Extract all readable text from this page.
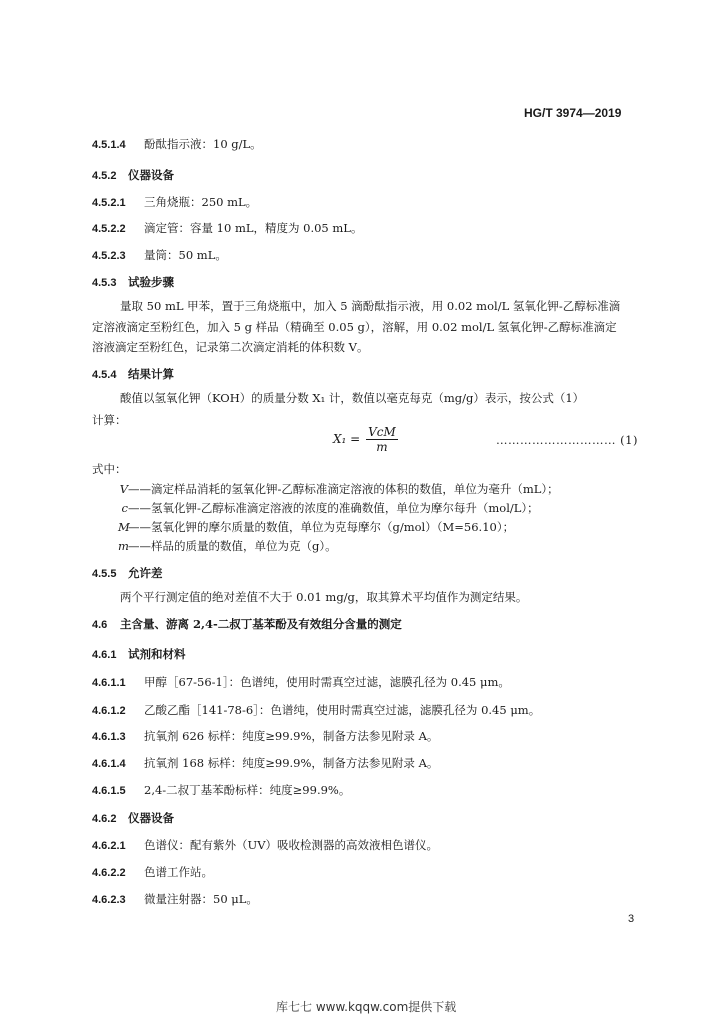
HG/T 3974—2019
4.5.1.4 酚酞指示液：10 g/L。
4.5.2 仪器设备
4.5.2.1 三角烧瓶：250 mL。
4.5.2.2 滴定管：容量 10 mL，精度为 0.05 mL。
4.5.2.3 量筒：50 mL。
4.5.3 试验步骤
量取 50 mL 甲苯，置于三角烧瓶中，加入 5 滴酚酞指示液，用 0.02 mol/L 氢氧化钾-乙醇标准滴
定溶液滴定至粉红色，加入 5 g 样品（精确至 0.05 g），溶解，用 0.02 mol/L 氢氧化钾-乙醇标准滴定
溶液滴定至粉红色，记录第二次滴定消耗的体积数 V。
4.5.4 结果计算
酸值以氢氧化钾（KOH）的质量分数 X₁ 计，数值以毫克每克（mg/g）表示，按公式（1）
计算：
$X_1 = \frac{\text{VcM}}{m}$	………………………… (1)
式中：
V——滴定样品消耗的氢氧化钾-乙醇标准滴定溶液的体积的数值，单位为毫升（mL）；
c——氢氧化钾-乙醇标准滴定溶液的浓度的准确数值，单位为摩尔每升（mol/L）；
M——氢氧化钾的摩尔质量的数值，单位为克每摩尔（g/mol）（M=56.10）；
m——样品的质量的数值，单位为克（g）。
4.5.5 允许差
两个平行测定值的绝对差值不大于 0.01 mg/g，取其算术平均值作为测定结果。
4.6 主含量、游离 2,4-二叔丁基苯酚及有效组分含量的测定
4.6.1 试剂和材料
4.6.1.1 甲醇［67-56-1］：色谱纯，使用时需真空过滤，滤膜孔径为 0.45 μm。
4.6.1.2 乙酸乙酯［141-78-6］：色谱纯，使用时需真空过滤，滤膜孔径为 0.45 μm。
4.6.1.3 抗氧剂 626 标样：纯度≥99.9%，制备方法参见附录 A。
4.6.1.4 抗氧剂 168 标样：纯度≥99.9%，制备方法参见附录 A。
4.6.1.5 2,4-二叔丁基苯酚标样：纯度≥99.9%。
4.6.2 仪器设备
4.6.2.1 色谱仪：配有紫外（UV）吸收检测器的高效液相色谱仪。
4.6.2.2 色谱工作站。
4.6.2.3 微量注射器：50 μL。
3
库七七 www.kqqw.com提供下载
